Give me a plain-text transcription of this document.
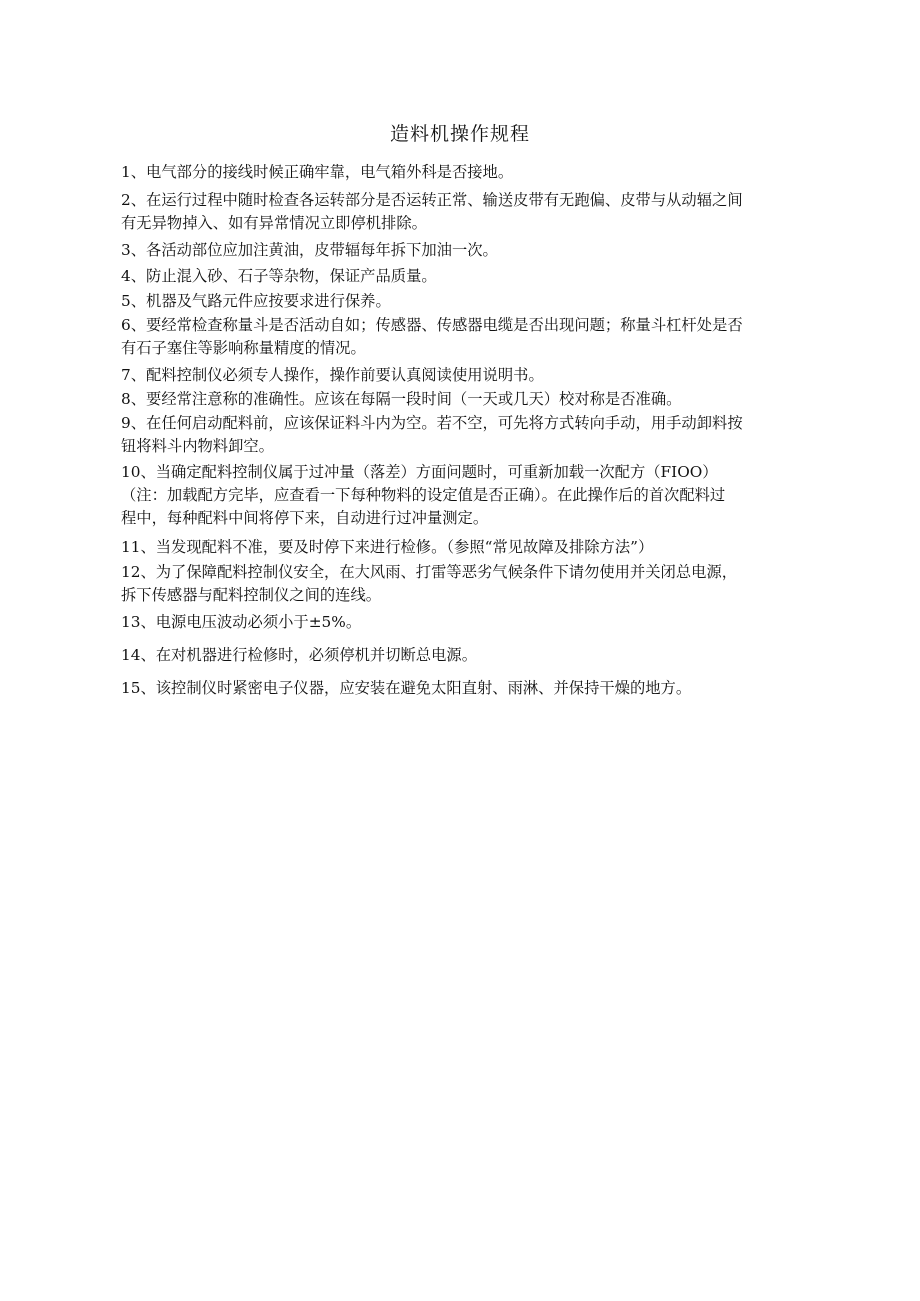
造料机操作规程

1、电气部分的接线时候正确牢靠，电气箱外科是否接地。

2、在运行过程中随时检查各运转部分是否运转正常、输送皮带有无跑偏、皮带与从动辐之间
有无异物掉入、如有异常情况立即停机排除。

3、各活动部位应加注黄油，皮带辐每年拆下加油一次。

4、防止混入砂、石子等杂物，保证产品质量。

5、机器及气路元件应按要求进行保养。

6、要经常检查称量斗是否活动自如；传感器、传感器电缆是否出现问题；称量斗杠杆处是否
有石子塞住等影响称量精度的情况。

7、配料控制仪必须专人操作，操作前要认真阅读使用说明书。

8、要经常注意称的准确性。应该在每隔一段时间（一天或几天）校对称是否准确。

9、在任何启动配料前，应该保证料斗内为空。若不空，可先将方式转向手动，用手动卸料按
钮将料斗内物料卸空。

10、当确定配料控制仪属于过冲量（落差）方面问题时，可重新加载一次配方（FIOO）
（注：加载配方完毕，应查看一下每种物料的设定值是否正确）。在此操作后的首次配料过
程中，每种配料中间将停下来，自动进行过冲量测定。

11、当发现配料不准，要及时停下来进行检修。（参照“常见故障及排除方法”）

12、为了保障配料控制仪安全，在大风雨、打雷等恶劣气候条件下请勿使用并关闭总电源，
拆下传感器与配料控制仪之间的连线。

13、电源电压波动必须小于±5%。

14、在对机器进行检修时，必须停机并切断总电源。

15、该控制仪时紧密电子仪器，应安装在避免太阳直射、雨淋、并保持干燥的地方。
